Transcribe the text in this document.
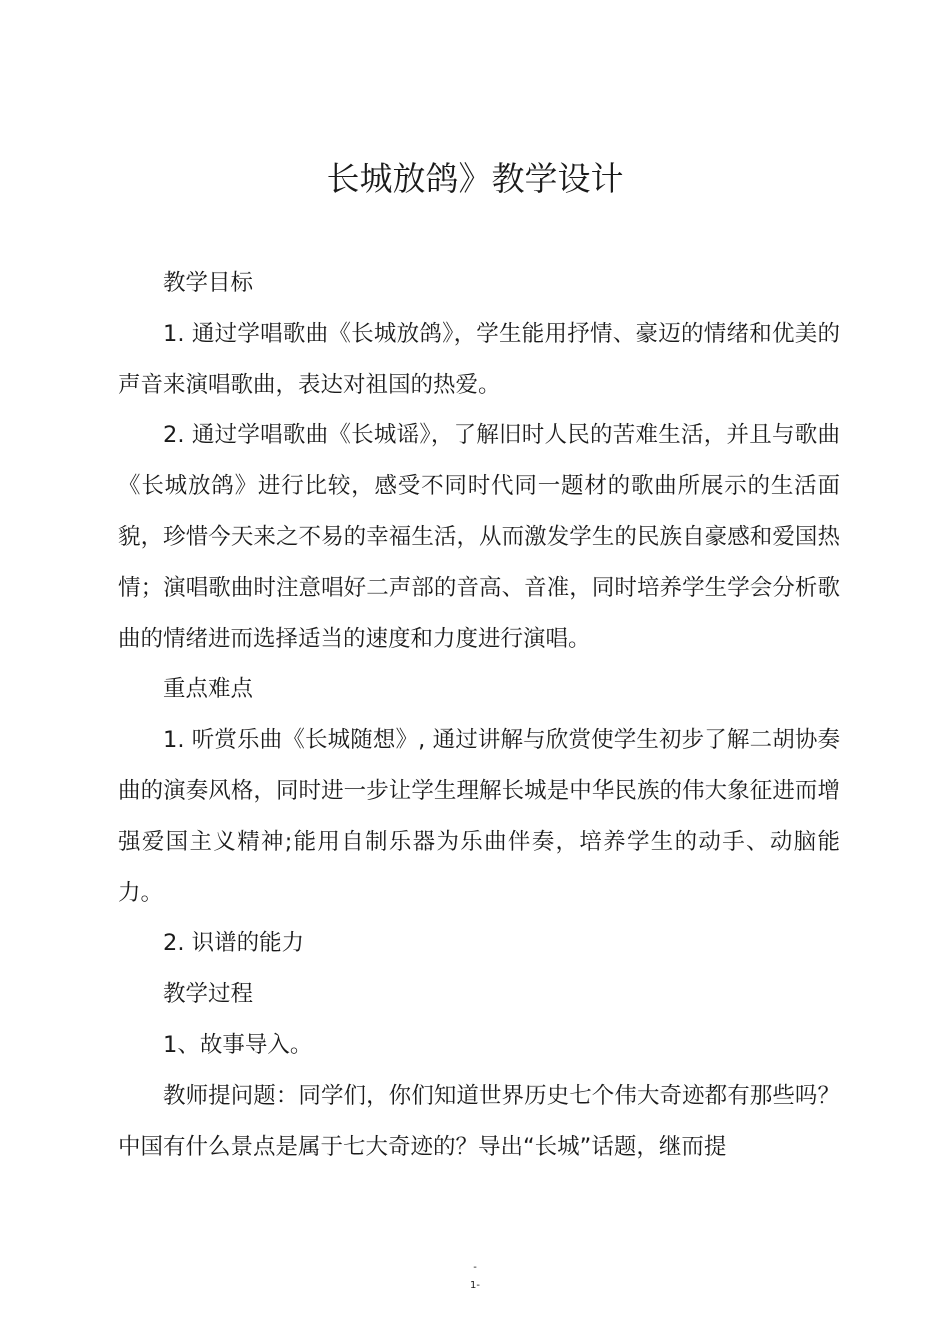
长城放鸽》教学设计

教学目标

1. 通过学唱歌曲《长城放鸽》，学生能用抒情、豪迈的情绪和优美的声音来演唱歌曲，表达对祖国的热爱。

2. 通过学唱歌曲《长城谣》，了解旧时人民的苦难生活，并且与歌曲《长城放鸽》进行比较，感受不同时代同一题材的歌曲所展示的生活面貌，珍惜今天来之不易的幸福生活，从而激发学生的民族自豪感和爱国热情；演唱歌曲时注意唱好二声部的音高、音准，同时培养学生学会分析歌曲的情绪进而选择适当的速度和力度进行演唱。

重点难点

1. 听赏乐曲《长城随想》, 通过讲解与欣赏使学生初步了解二胡协奏曲的演奏风格，同时进一步让学生理解长城是中华民族的伟大象征进而增强爱国主义精神;能用自制乐器为乐曲伴奏，培养学生的动手、动脑能力。

2. 识谱的能力

教学过程

1、故事导入。

教师提问题：同学们，你们知道世界历史七个伟大奇迹都有那些吗？中国有什么景点是属于七大奇迹的？导出“长城”话题，继而提

-
1-
